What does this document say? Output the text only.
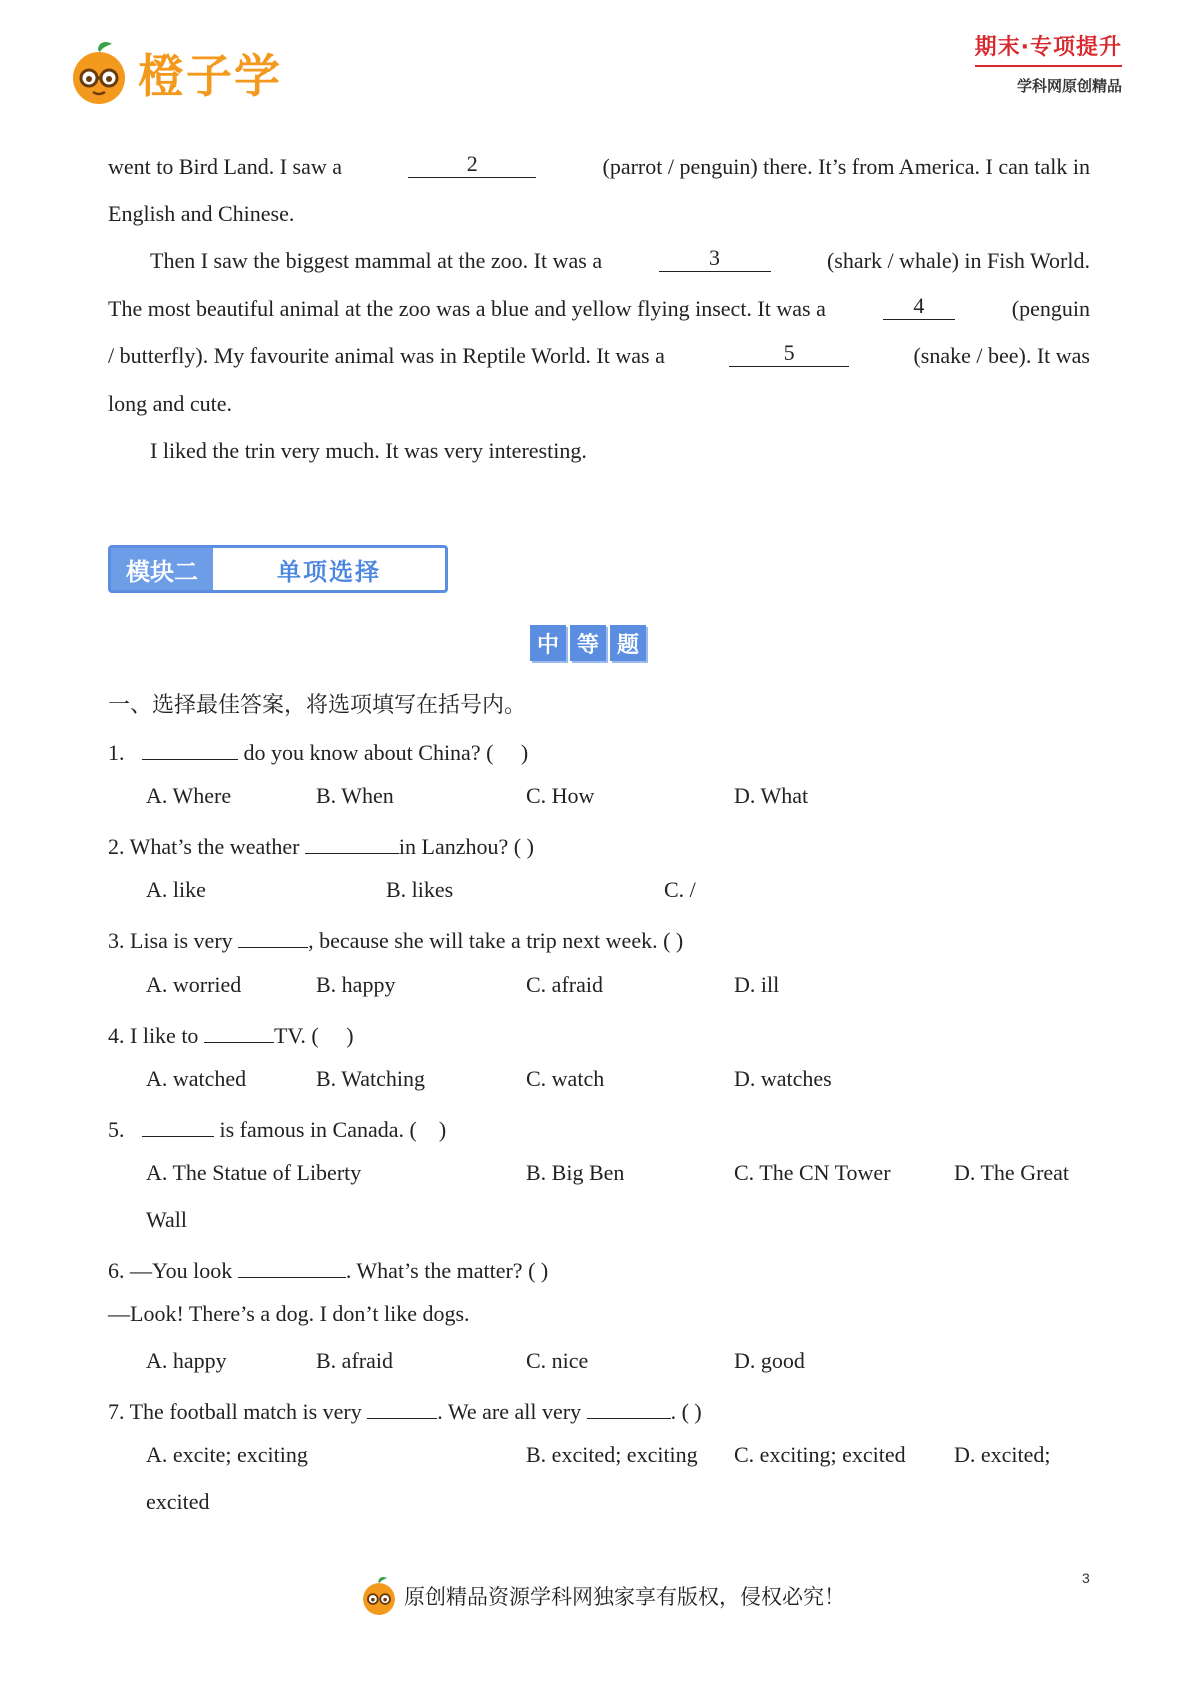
橙子学
期末·专项提升
学科网原创精品
went to Bird Land. I saw a	2	(parrot / penguin) there. It’s from America. I can talk in
English and Chinese.
Then I saw the biggest mammal at the zoo. It was a	3	(shark / whale) in Fish World.
The most beautiful animal at the zoo was a blue and yellow flying insect. It was a	4	(penguin
/ butterfly). My favourite animal was in Reptile World. It was a	5	(snake / bee). It was
long and cute.
I liked the trin very much. It was very interesting.
模块二	单项选择
中 等 题
一、选择最佳答案，将选项填写在括号内。
1.	do you know about China? (　 )
A. Where	B. When	C. How	D. What
2. What’s the weather	in Lanzhou? ( )
A. like	B. likes	C. /
3. Lisa is very	, because she will take a trip next week. ( )
A. worried	B. happy	C. afraid	D. ill
4. I like to	TV. (　 )
A. watched	B. Watching	C. watch	D. watches
5.	is famous in Canada. (　)
A. The Statue of Liberty	B. Big Ben	C. The CN Tower	D. The Great
Wall
6. —You look	. What’s the matter? ( )
—Look! There’s a dog. I don’t like dogs.
A. happy	B. afraid	C. nice	D. good
7. The football match is very	. We are all very	. ( )
A. excite; exciting	B. excited; exciting C. exciting; excited D. excited;
excited
原创精品资源学科网独家享有版权，侵权必究！
3
